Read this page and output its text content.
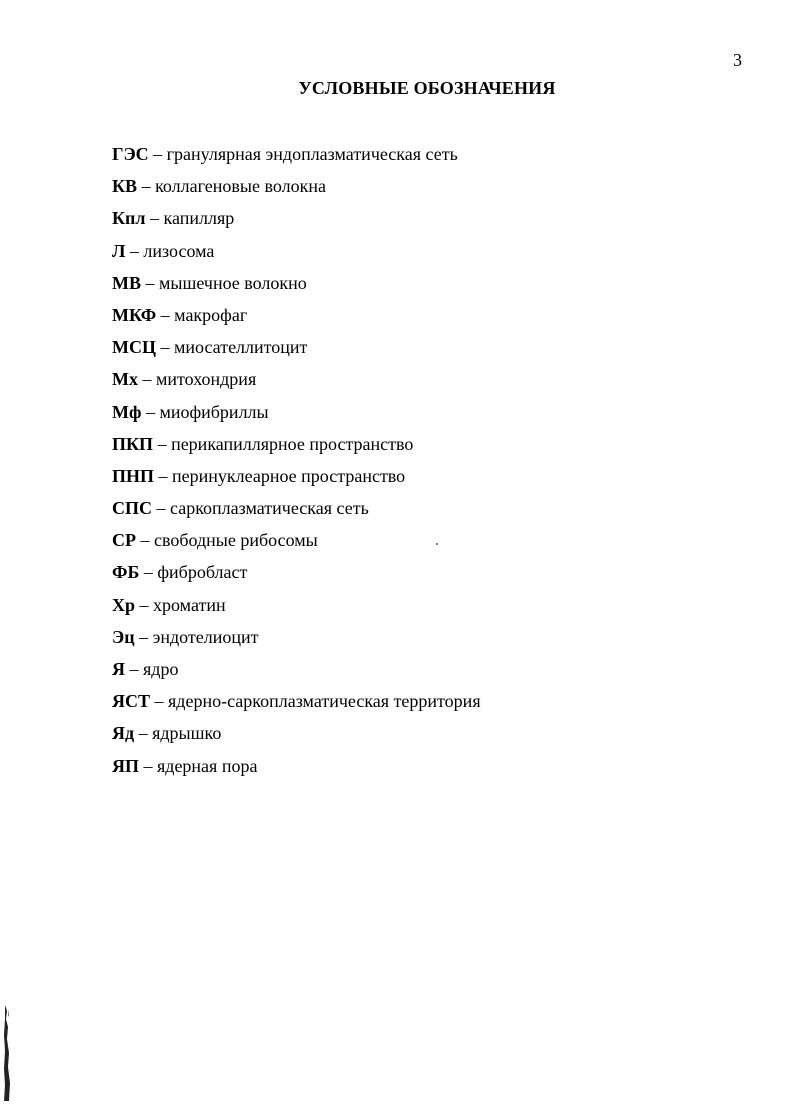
3
УСЛОВНЫЕ ОБОЗНАЧЕНИЯ
ГЭС – гранулярная эндоплазматическая сеть
КВ – коллагеновые волокна
Кпл – капилляр
Л – лизосома
МВ – мышечное волокно
МКФ – макрофаг
МСЦ – миосателлитоцит
Мх – митохондрия
Мф – миофибриллы
ПКП – перикапиллярное пространство
ПНП – перинуклеарное пространство
СПС – саркоплазматическая сеть
СР – свободные рибосомы
ФБ – фибробласт
Хр – хроматин
Эц – эндотелиоцит
Я – ядро
ЯСТ – ядерно-саркоплазматическая территория
Яд – ядрышко
ЯП – ядерная пора
